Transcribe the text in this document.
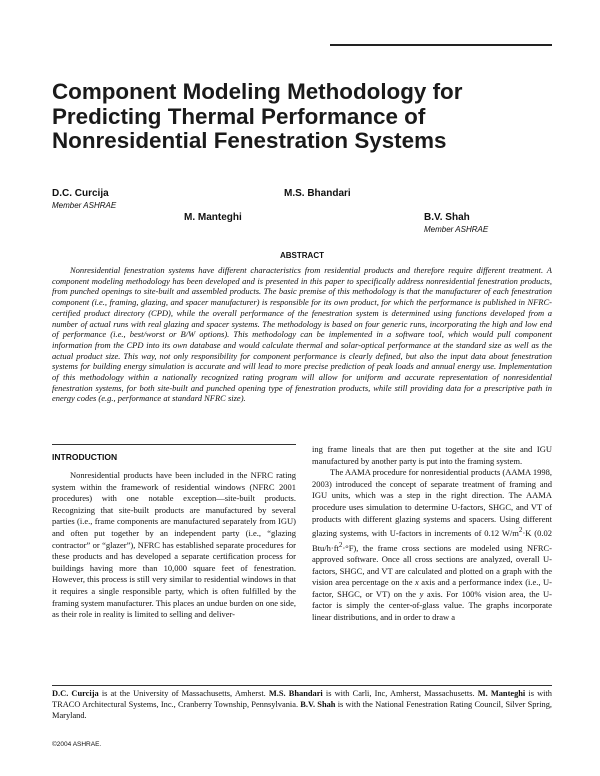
Component Modeling Methodology for
Predicting Thermal Performance of
Nonresidential Fenestration Systems
D.C. Curcija
Member ASHRAE
M.S. Bhandari
M. Manteghi	B.V. Shah
Member ASHRAE
ABSTRACT

Nonresidential fenestration systems have different characteristics from residential products and therefore require different treatment. A component modeling methodology has been developed and is presented in this paper to specifically address nonresidential fenestration products, from punched openings to site-built and assembled products. The basic premise of this methodology is that the manufacturer of each fenestration component (i.e., framing, glazing, and spacer manufacturer) is responsible for its own product, for which the performance is published in NFRC-certified product directory (CPD), while the overall performance of the fenestration system is determined using functions developed from a number of actual runs with real glazing and spacer systems. The methodology is based on four generic runs, incorporating the high and low end of performance (i.e., best/worst or B/W options). This methodology can be implemented in a software tool, which would pull component information from the CPD into its own database and would calculate thermal and solar-optical performance at the standard size as well as the actual product size. This way, not only responsibility for component performance is clearly defined, but also the input data about fenestration systems for building energy simulation is accurate and will lead to more precise prediction of peak loads and annual energy use. Implementation of this methodology within a nationally recognized rating program will allow for uniform and accurate representation of nonresidential fenestration systems, for both site-built and punched opening type of fenestration products, while still providing data for a prescriptive path in energy codes (e.g., performance at standard NFRC size).

INTRODUCTION

Nonresidential products have been included in the NFRC rating system within the framework of residential windows (NFRC 2001 procedures) with one notable exception—site-built products. Recognizing that site-built products are manufactured by several parties (i.e., frame components are manufactured separately from IGU) and often put together by an independent party (i.e., “glazing contractor” or “glazer”), NFRC has established separate procedures for these products and has developed a separate certification process for buildings having more than 10,000 square feet of fenestration. However, this process is still very similar to residential windows in that it requires a single responsible party, which is often fulfilled by the framing system manufacturer. This places an undue burden on one side, as their role in reality is limited to selling and deliver-

ing frame lineals that are then put together at the site and IGU manufactured by another party is put into the framing system.

The AAMA procedure for nonresidential products (AAMA 1998, 2003) introduced the concept of separate treatment of framing and IGU units, which was a step in the right direction. The AAMA procedure uses simulation to determine U-factors, SHGC, and VT of products with different glazing systems and spacers. Using different glazing systems, with U-factors in increments of 0.12 $W/m^2\cdot K$ (0.02 Btu/$h\cdot ft^2\cdot^\circ F$), the frame cross sections are modeled using NFRC-approved software. Once all cross sections are analyzed, overall U-factors, SHGC, and VT are calculated and plotted on a graph with the vision area percentage on the x axis and a performance index (i.e., U-factor, SHGC, or VT) on the y axis. For 100% vision area, the U-factor is simply the center-of-glass value. The graphs incorporate linear distributions, and in order to draw a

D.C. Curcija is at the University of Massachusetts, Amherst. M.S. Bhandari is with Carli, Inc, Amherst, Massachusetts. M. Manteghi is with TRACO Architectural Systems, Inc., Cranberry Township, Pennsylvania. B.V. Shah is with the National Fenestration Rating Council, Silver Spring, Maryland.

©2004 ASHRAE.
